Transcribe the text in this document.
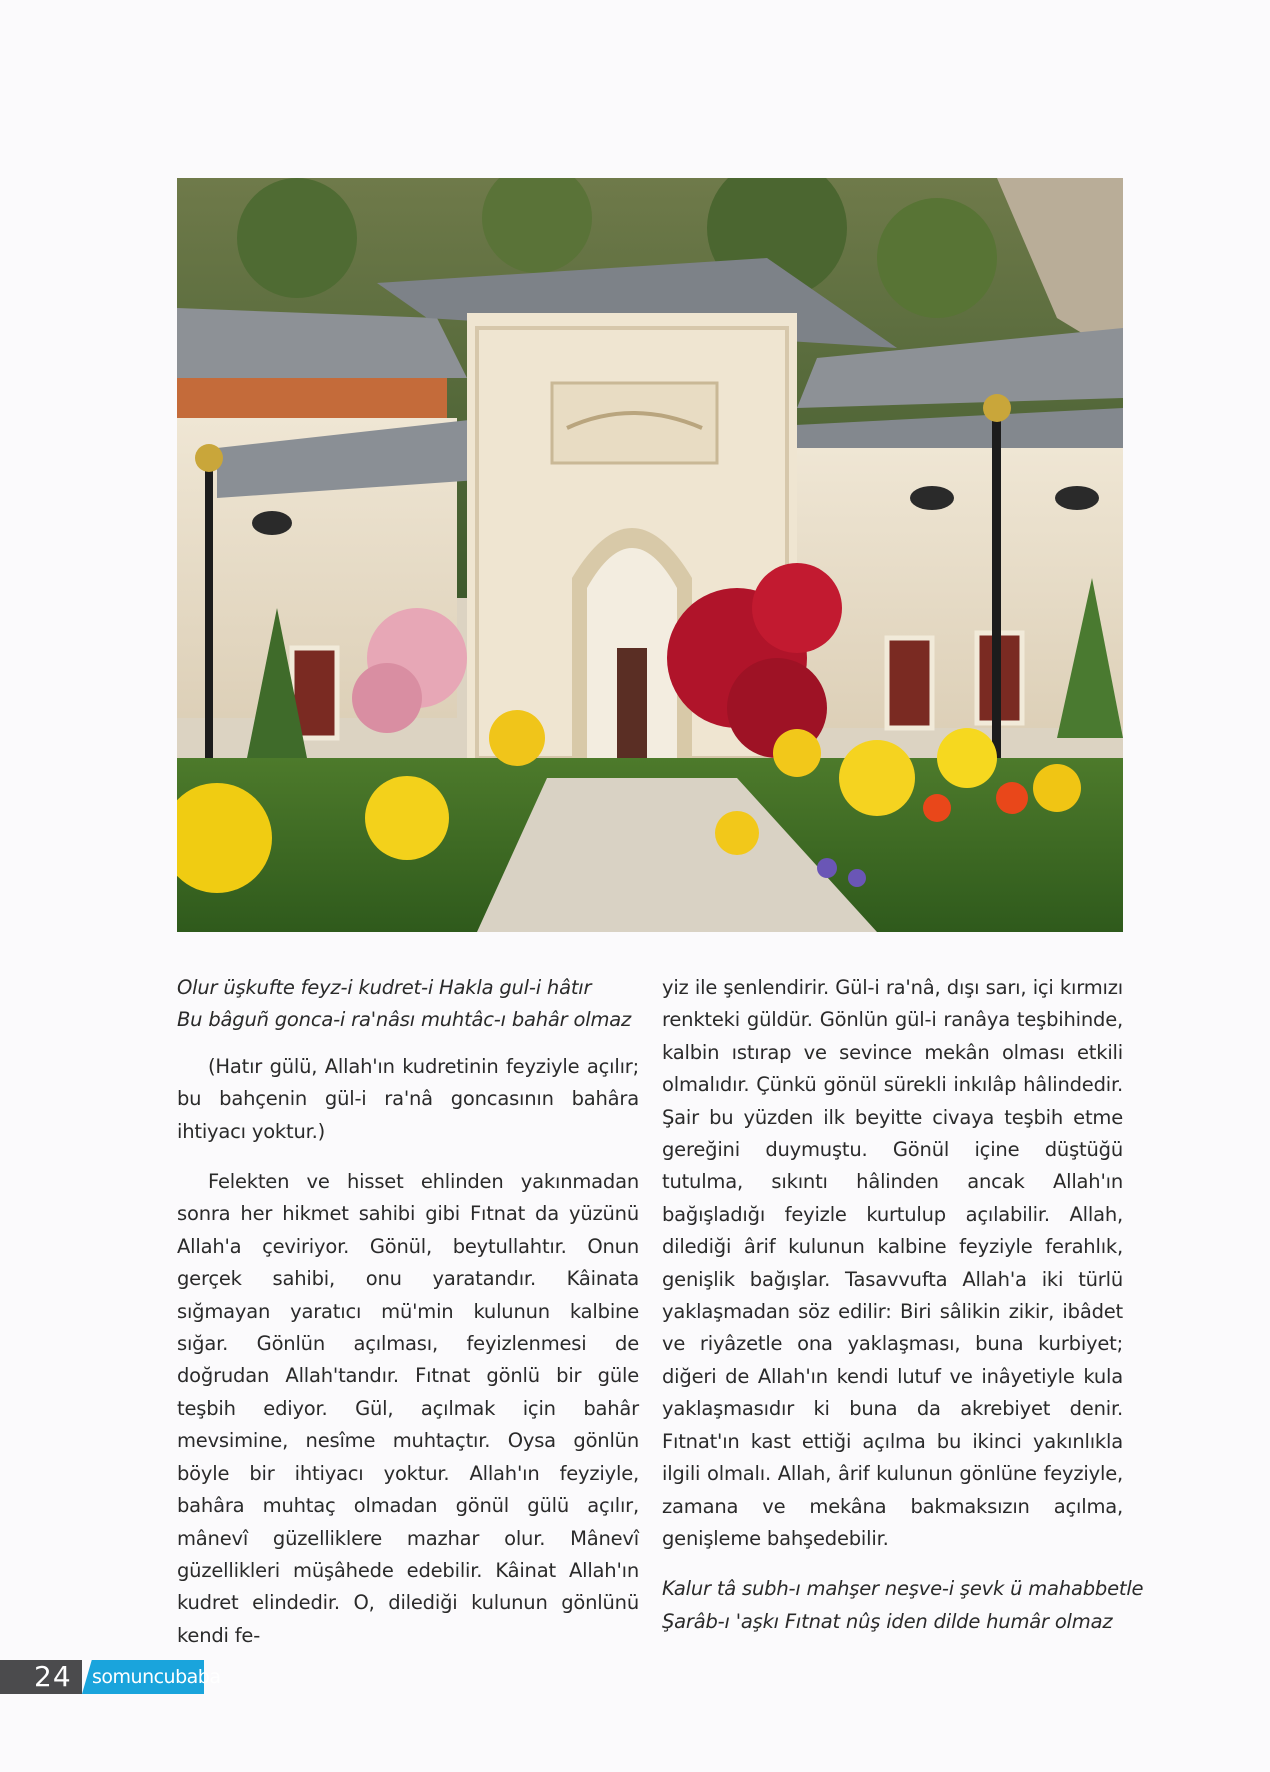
Olur üşkufte feyz-i kudret-i Hakla gul-i hâtır

Bu bâguñ gonca-i ra'nâsı muhtâc-ı bahâr olmaz

(Hatır gülü, Allah'ın kudretinin feyziyle açılır; bu bahçenin gül-i ra'nâ goncasının bahâra ihtiyacı yoktur.)

Felekten ve hisset ehlinden yakınmadan sonra her hikmet sahibi gibi Fıtnat da yüzünü Allah'a çeviriyor. Gönül, beytullahtır. Onun gerçek sahibi, onu yaratandır. Kâinata sığmayan yaratıcı mü'min kulunun kalbine sığar. Gönlün açılması, feyizlenmesi de doğrudan Allah'tandır. Fıtnat gönlü bir güle teşbih ediyor. Gül, açılmak için bahâr mevsimine, nesîme muhtaçtır. Oysa gönlün böyle bir ihtiyacı yoktur. Allah'ın feyziyle, bahâra muhtaç olmadan gönül gülü açılır, mânevî güzelliklere mazhar olur. Mânevî güzellikleri müşâhede edebilir. Kâinat Allah'ın kudret elindedir. O, dilediği kulunun gönlünü kendi fe-

yiz ile şenlendirir. Gül-i ra'nâ, dışı sarı, içi kırmızı renkteki güldür. Gönlün gül-i ranâya teşbihinde, kalbin ıstırap ve sevince mekân olması etkili olmalıdır. Çünkü gönül sürekli inkılâp hâlindedir. Şair bu yüzden ilk beyitte civaya teşbih etme gereğini duymuştu. Gönül içine düştüğü tutulma, sıkıntı hâlinden ancak Allah'ın bağışladığı feyizle kurtulup açılabilir. Allah, dilediği ârif kulunun kalbine feyziyle ferahlık, genişlik bağışlar. Tasavvufta Allah'a iki türlü yaklaşmadan söz edilir: Biri sâlikin zikir, ibâdet ve riyâzetle ona yaklaşması, buna kurbiyet; diğeri de Allah'ın kendi lutuf ve inâyetiyle kula yaklaşmasıdır ki buna da akrebiyet denir. Fıtnat'ın kast ettiği açılma bu ikinci yakınlıkla ilgili olmalı. Allah, ârif kulunun gönlüne feyziyle, zamana ve mekâna bakmaksızın açılma, genişleme bahşedebilir.

Kalur tâ subh-ı mahşer neşve-i şevk ü mahabbetle

Şarâb-ı 'aşkı Fıtnat nûş iden dilde humâr olmaz

24 somuncubaba
